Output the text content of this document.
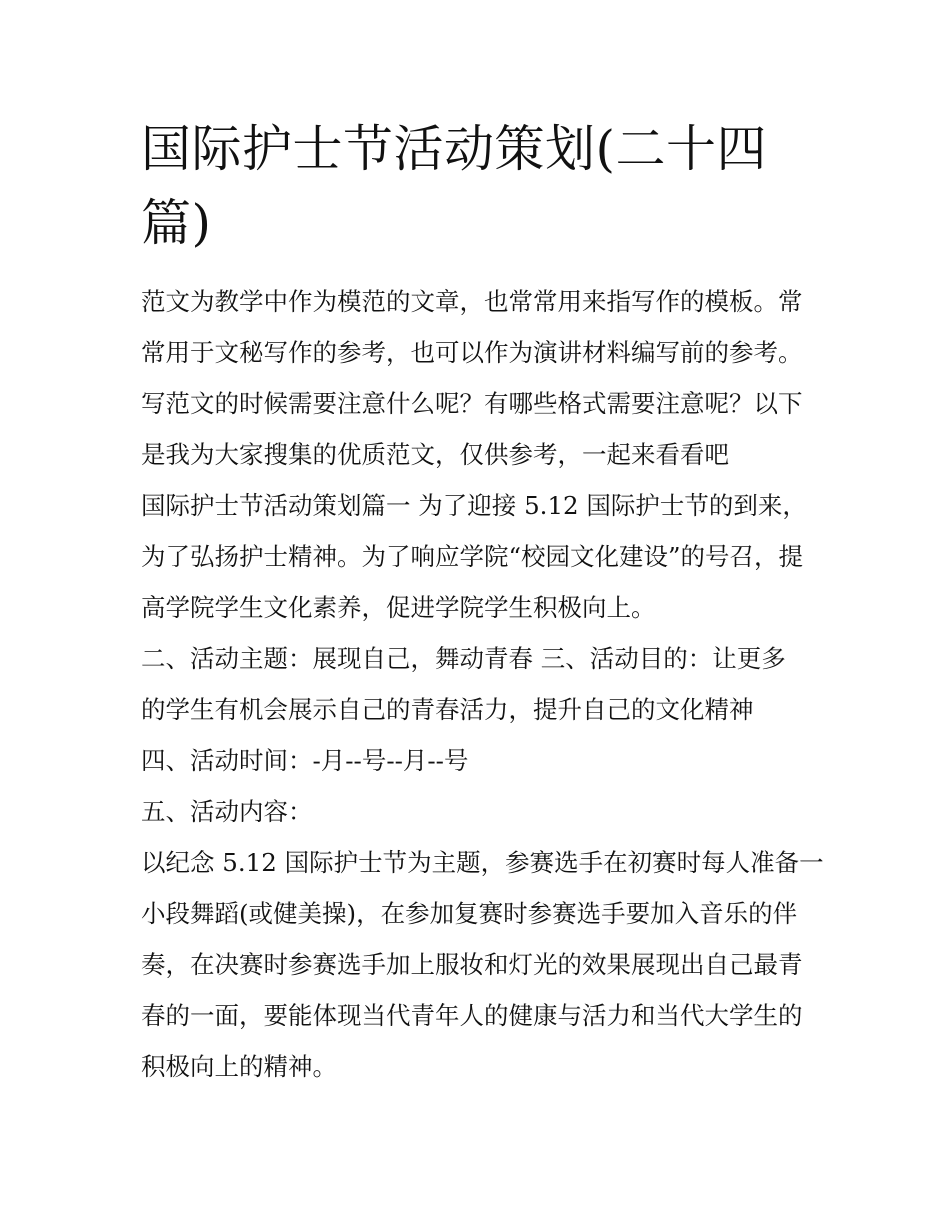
国际护士节活动策划(二十四
篇)

范文为教学中作为模范的文章，也常常用来指写作的模板。常

常用于文秘写作的参考，也可以作为演讲材料编写前的参考。

写范文的时候需要注意什么呢？有哪些格式需要注意呢？以下

是我为大家搜集的优质范文，仅供参考，一起来看看吧

国际护士节活动策划篇一 为了迎接 5.12 国际护士节的到来，

为了弘扬护士精神。为了响应学院“校园文化建设”的号召，提

高学院学生文化素养，促进学院学生积极向上。

二、活动主题：展现自己，舞动青春 三、活动目的：让更多

的学生有机会展示自己的青春活力，提升自己的文化精神

四、活动时间：-月--号--月--号

五、活动内容：

以纪念 5.12 国际护士节为主题，参赛选手在初赛时每人准备一

小段舞蹈(或健美操)，在参加复赛时参赛选手要加入音乐的伴

奏，在决赛时参赛选手加上服妆和灯光的效果展现出自己最青

春的一面，要能体现当代青年人的健康与活力和当代大学生的

积极向上的精神。
